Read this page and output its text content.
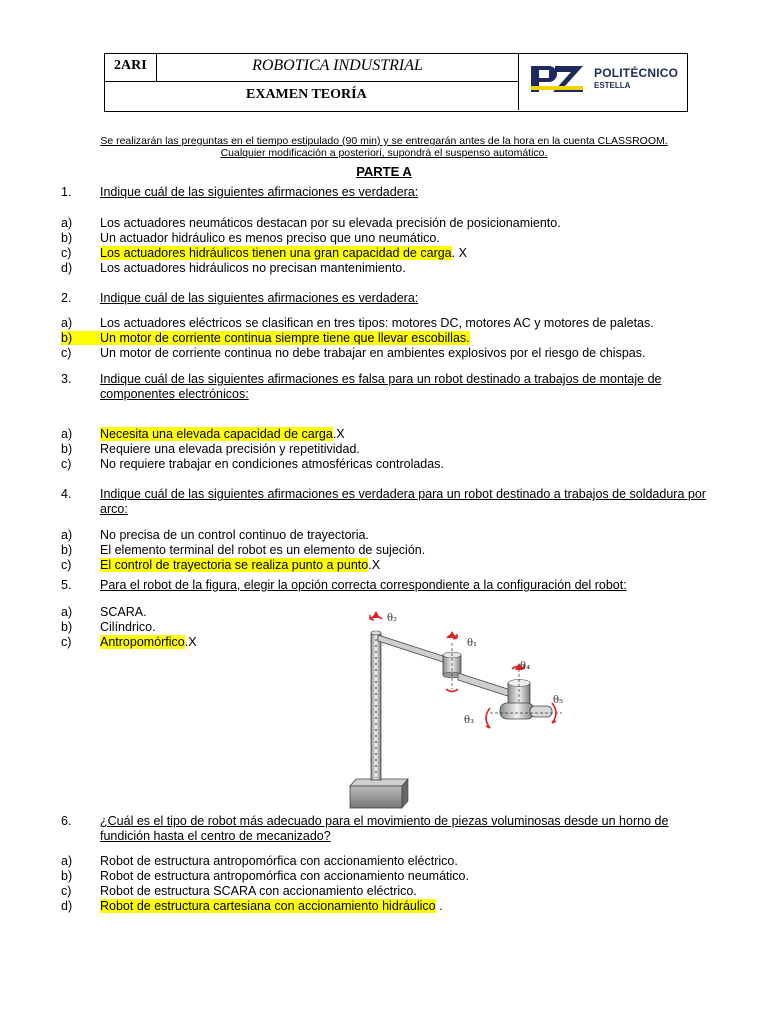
2ARI	ROBOTICA INDUSTRIAL
EXAMEN TEORÍA
POLITÉCNICO
ESTELLA
Se realizarán las preguntas en el tiempo estipulado (90 min) y se entregarán antes de la hora en la cuenta CLASSROOM.
Cualquier modificación a posteriori, supondrá el suspenso automático.
PARTE A
1. Indique cuál de las siguientes afirmaciones es verdadera:
a) Los actuadores neumáticos destacan por su elevada precisión de posicionamiento.
b) Un actuador hidráulico es menos preciso que uno neumático.
c) Los actuadores hidráulicos tienen una gran capacidad de carga. X
d) Los actuadores hidráulicos no precisan mantenimiento.
2. Indique cuál de las siguientes afirmaciones es verdadera:
a) Los actuadores eléctricos se clasifican en tres tipos: motores DC, motores AC y motores de paletas.
b) Un motor de corriente continua siempre tiene que llevar escobillas.
c) Un motor de corriente continua no debe trabajar en ambientes explosivos por el riesgo de chispas.
3. Indique cuál de las siguientes afirmaciones es falsa para un robot destinado a trabajos de montaje de componentes electrónicos:
a) Necesita una elevada capacidad de carga.X
b) Requiere una elevada precisión y repetitividad.
c) No requiere trabajar en condiciones atmosféricas controladas.
4. Indique cuál de las siguientes afirmaciones es verdadera para un robot destinado a trabajos de soldadura por arco:
a) No precisa de un control continuo de trayectoria.
b) El elemento terminal del robot es un elemento de sujeción.
c) El control de trayectoria se realiza punto a punto.X
5. Para el robot de la figura, elegir la opción correcta correspondiente a la configuración del robot:
a) SCARA.
b) Cilíndrico.
c) Antropomórfico.X
θ₂
θ₁
θ₄
θ₃
θ₅
6. ¿Cuál es el tipo de robot más adecuado para el movimiento de piezas voluminosas desde un horno de fundición hasta el centro de mecanizado?
a) Robot de estructura antropomórfica con accionamiento eléctrico.
b) Robot de estructura antropomórfica con accionamiento neumático.
c) Robot de estructura SCARA con accionamiento eléctrico.
d) Robot de estructura cartesiana con accionamiento hidráulico .
